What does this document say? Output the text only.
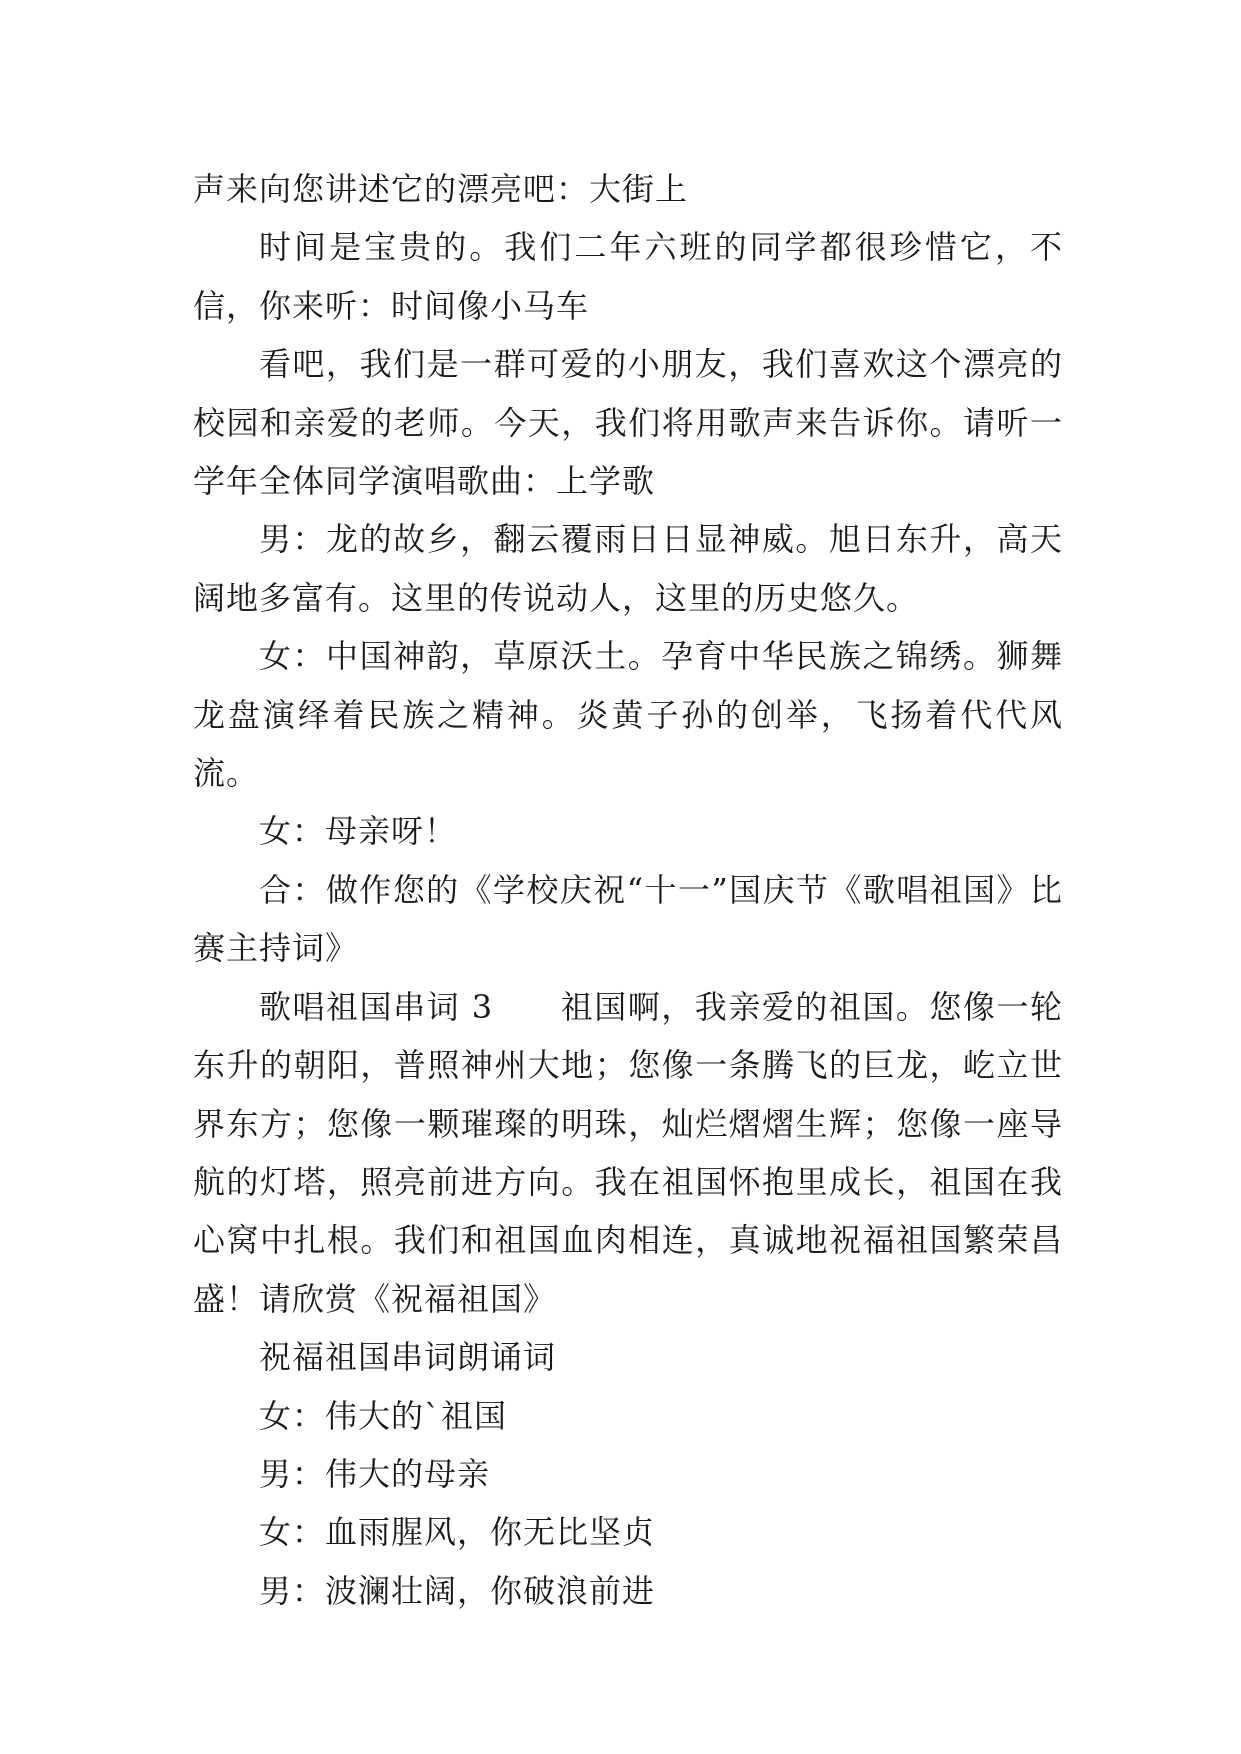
声来向您讲述它的漂亮吧：大街上

时间是宝贵的。我们二年六班的同学都很珍惜它，不信，你来听：时间像小马车

看吧，我们是一群可爱的小朋友，我们喜欢这个漂亮的校园和亲爱的老师。今天，我们将用歌声来告诉你。请听一学年全体同学演唱歌曲：上学歌

男：龙的故乡，翻云覆雨日日显神威。旭日东升，高天阔地多富有。这里的传说动人，这里的历史悠久。

女：中国神韵，草原沃土。孕育中华民族之锦绣。狮舞龙盘演绎着民族之精神。炎黄子孙的创举，飞扬着代代风流。

女：母亲呀！

合：做作您的《学校庆祝“十一”国庆节《歌唱祖国》比赛主持词》

歌唱祖国串词 3　　祖国啊，我亲爱的祖国。您像一轮东升的朝阳，普照神州大地；您像一条腾飞的巨龙，屹立世界东方；您像一颗璀璨的明珠，灿烂熠熠生辉；您像一座导航的灯塔，照亮前进方向。我在祖国怀抱里成长，祖国在我心窝中扎根。我们和祖国血肉相连，真诚地祝福祖国繁荣昌盛！请欣赏《祝福祖国》

祝福祖国串词朗诵词

女：伟大的`祖国

男：伟大的母亲

女：血雨腥风，你无比坚贞

男：波澜壮阔，你破浪前进
